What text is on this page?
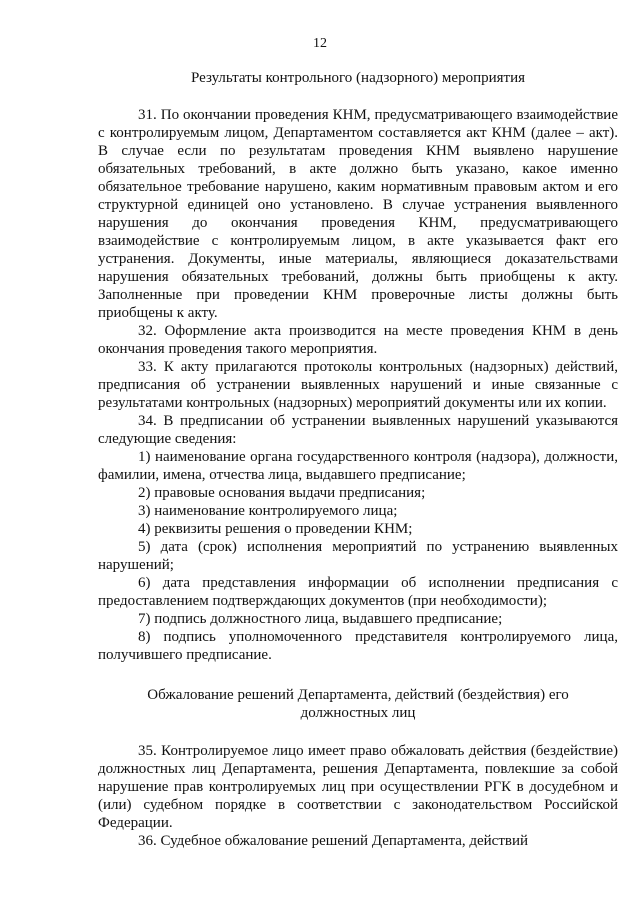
12
Результаты контрольного (надзорного) мероприятия

31. По окончании проведения КНМ, предусматривающего взаимодействие с контролируемым лицом, Департаментом составляется акт КНМ (далее – акт). В случае если по результатам проведения КНМ выявлено нарушение обязательных требований, в акте должно быть указано, какое именно обязательное требование нарушено, каким нормативным правовым актом и его структурной единицей оно установлено. В случае устранения выявленного нарушения до окончания проведения КНМ, предусматривающего взаимодействие с контролируемым лицом, в акте указывается факт его устранения. Документы, иные материалы, являющиеся доказательствами нарушения обязательных требований, должны быть приобщены к акту. Заполненные при проведении КНМ проверочные листы должны быть приобщены к акту.

32. Оформление акта производится на месте проведения КНМ в день окончания проведения такого мероприятия.

33. К акту прилагаются протоколы контрольных (надзорных) действий, предписания об устранении выявленных нарушений и иные связанные с результатами контрольных (надзорных) мероприятий документы или их копии.

34. В предписании об устранении выявленных нарушений указываются следующие сведения:

1) наименование органа государственного контроля (надзора), должности, фамилии, имена, отчества лица, выдавшего предписание;

2) правовые основания выдачи предписания;

3) наименование контролируемого лица;

4) реквизиты решения о проведении КНМ;

5) дата (срок) исполнения мероприятий по устранению выявленных нарушений;

6) дата представления информации об исполнении предписания с предоставлением подтверждающих документов (при необходимости);

7) подпись должностного лица, выдавшего предписание;

8) подпись уполномоченного представителя контролируемого лица, получившего предписание.

Обжалование решений Департамента, действий (бездействия) его
должностных лиц

35. Контролируемое лицо имеет право обжаловать действия (бездействие) должностных лиц Департамента, решения Департамента, повлекшие за собой нарушение прав контролируемых лиц при осуществлении РГК в досудебном и (или) судебном порядке в соответствии с законодательством Российской Федерации.

36. Судебное обжалование решений Департамента, действий
